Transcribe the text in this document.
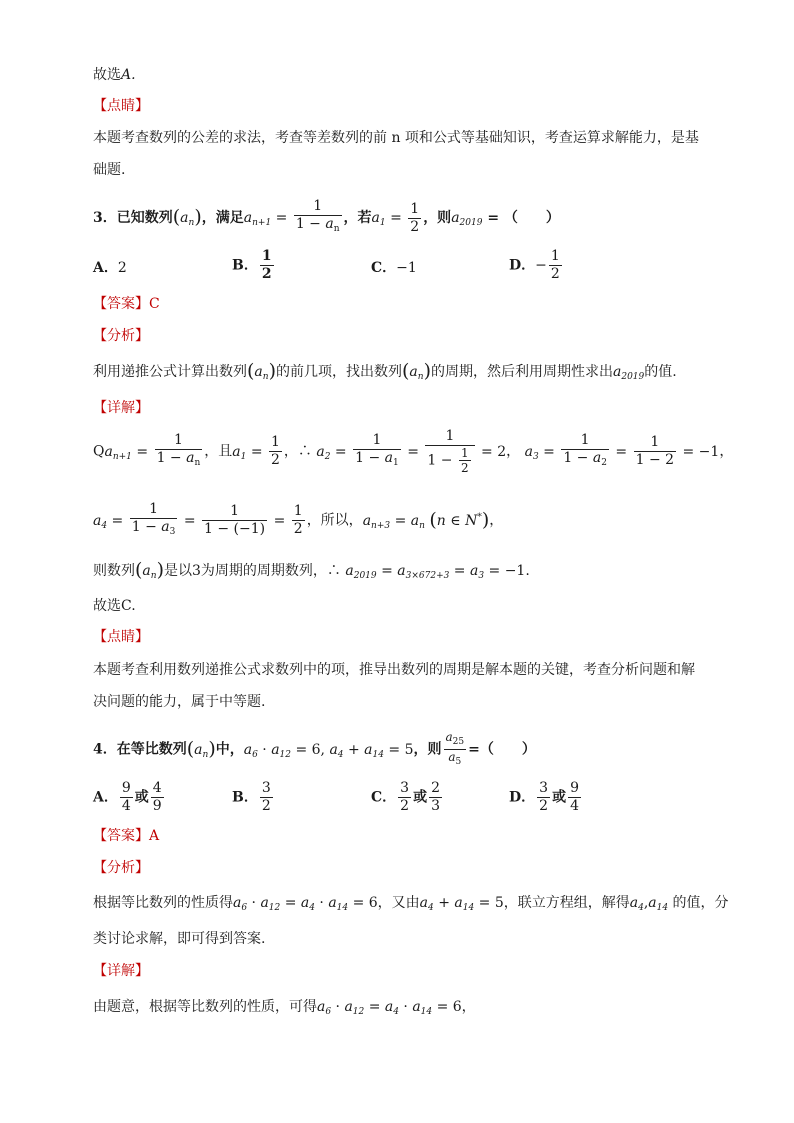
故选A.
【点睛】
本题考查数列的公差的求法，考查等差数列的前 n 项和公式等基础知识，考查运算求解能力，是基
础题.
3．已知数列$(a_n)$，满足$a_{n+1} = \frac{1}{1 - a_n}$ ，若$a_1 = \frac{1}{2}$ ，则$a_{2019}$ = （　　）
A．2	B． $\frac{1}{2}$	C．−1	D．− $\frac{1}{2}$
【答案】C
【分析】
利用递推公式计算出数列$(a_n)$的前几项，找出数列$(a_n)$的周期，然后利用周期性求出$a_{2019}$的值.
【详解】
$Qa_{n+1} = \frac{1}{1 - a_n}$ ，且$a_1 = \frac{1}{2}$ ，∴ $a_2 = \frac{1}{1 - a_1} = \frac{1}{1 - \frac{1}{2}} = 2$， $a_3 = \frac{1}{1 - a_2} = \frac{1}{1 - 2} = -1$，
$a_4 = \frac{1}{1 - a_3} = \frac{1}{1 - (-1)} = \frac{1}{2}$ ，所以，$a_{n+3} = a_n$ (n ∈ N*)，
则数列$(a_n)$是以3为周期的周期数列，∴ $a_{2019} = a_{3\times 672+3} = a_3 = -1$.
故选C.
【点睛】
本题考查利用数列递推公式求数列中的项，推导出数列的周期是解本题的关键，考查分析问题和解
决问题的能力，属于中等题.
4．在等比数列$(a_n)$中，$a_6 \cdot a_{12} = 6$, $a_4 + a_{14} = 5$，则 $\frac{a_{25}}{a_5}$ =（　　）
A． $\frac{9}{4}$ 或 $\frac{4}{9}$	B． $\frac{3}{2}$	C． $\frac{3}{2}$ 或 $\frac{2}{3}$	D． $\frac{3}{2}$ 或 $\frac{9}{4}$
【答案】A
【分析】
根据等比数列的性质得$a_6 \cdot a_{12} = a_4 \cdot a_{14} = 6$，又由$a_4 + a_{14} = 5$，联立方程组，解得$a_4,a_{14}$ 的值，分
类讨论求解，即可得到答案.
【详解】
由题意，根据等比数列的性质，可得$a_6 \cdot a_{12} = a_4 \cdot a_{14} = 6$，
